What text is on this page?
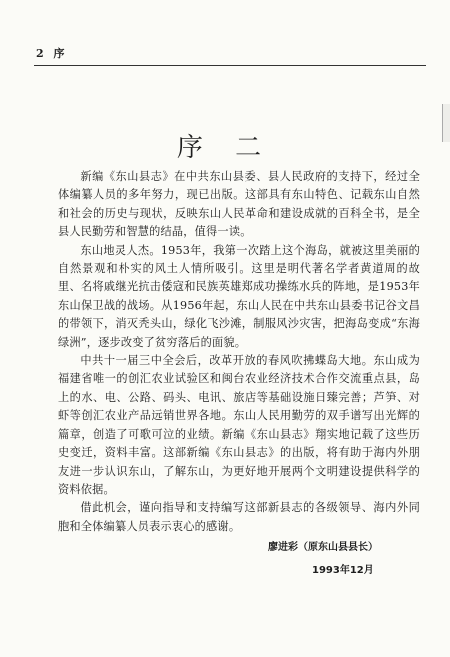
2 序
序 二

新编《东山县志》在中共东山县委、县人民政府的支持下，经过全体编纂人员的多年努力，现已出版。这部具有东山特色、记载东山自然和社会的历史与现状，反映东山人民革命和建设成就的百科全书，是全县人民勤劳和智慧的结晶，值得一读。

东山地灵人杰。1953年，我第一次踏上这个海岛，就被这里美丽的自然景观和朴实的风土人情所吸引。这里是明代著名学者黄道周的故里、名将戚继光抗击倭寇和民族英雄郑成功操练水兵的阵地，是1953年东山保卫战的战场。从1956年起，东山人民在中共东山县委书记谷文昌的带领下，消灭秃头山，绿化飞沙滩，制服风沙灾害，把海岛变成“东海绿洲”，逐步改变了贫穷落后的面貌。

中共十一届三中全会后，改革开放的春风吹拂蝶岛大地。东山成为福建省唯一的创汇农业试验区和闽台农业经济技术合作交流重点县，岛上的水、电、公路、码头、电讯、旅店等基础设施日臻完善；芦笋、对虾等创汇农业产品远销世界各地。东山人民用勤劳的双手谱写出光辉的篇章，创造了可歌可泣的业绩。新编《东山县志》翔实地记载了这些历史变迁，资料丰富。这部新编《东山县志》的出版，将有助于海内外朋友进一步认识东山，了解东山，为更好地开展两个文明建设提供科学的资料依据。

借此机会，谨向指导和支持编写这部新县志的各级领导、海内外同胞和全体编纂人员表示衷心的感谢。

廖进彩（原东山县县长）
1993年12月
